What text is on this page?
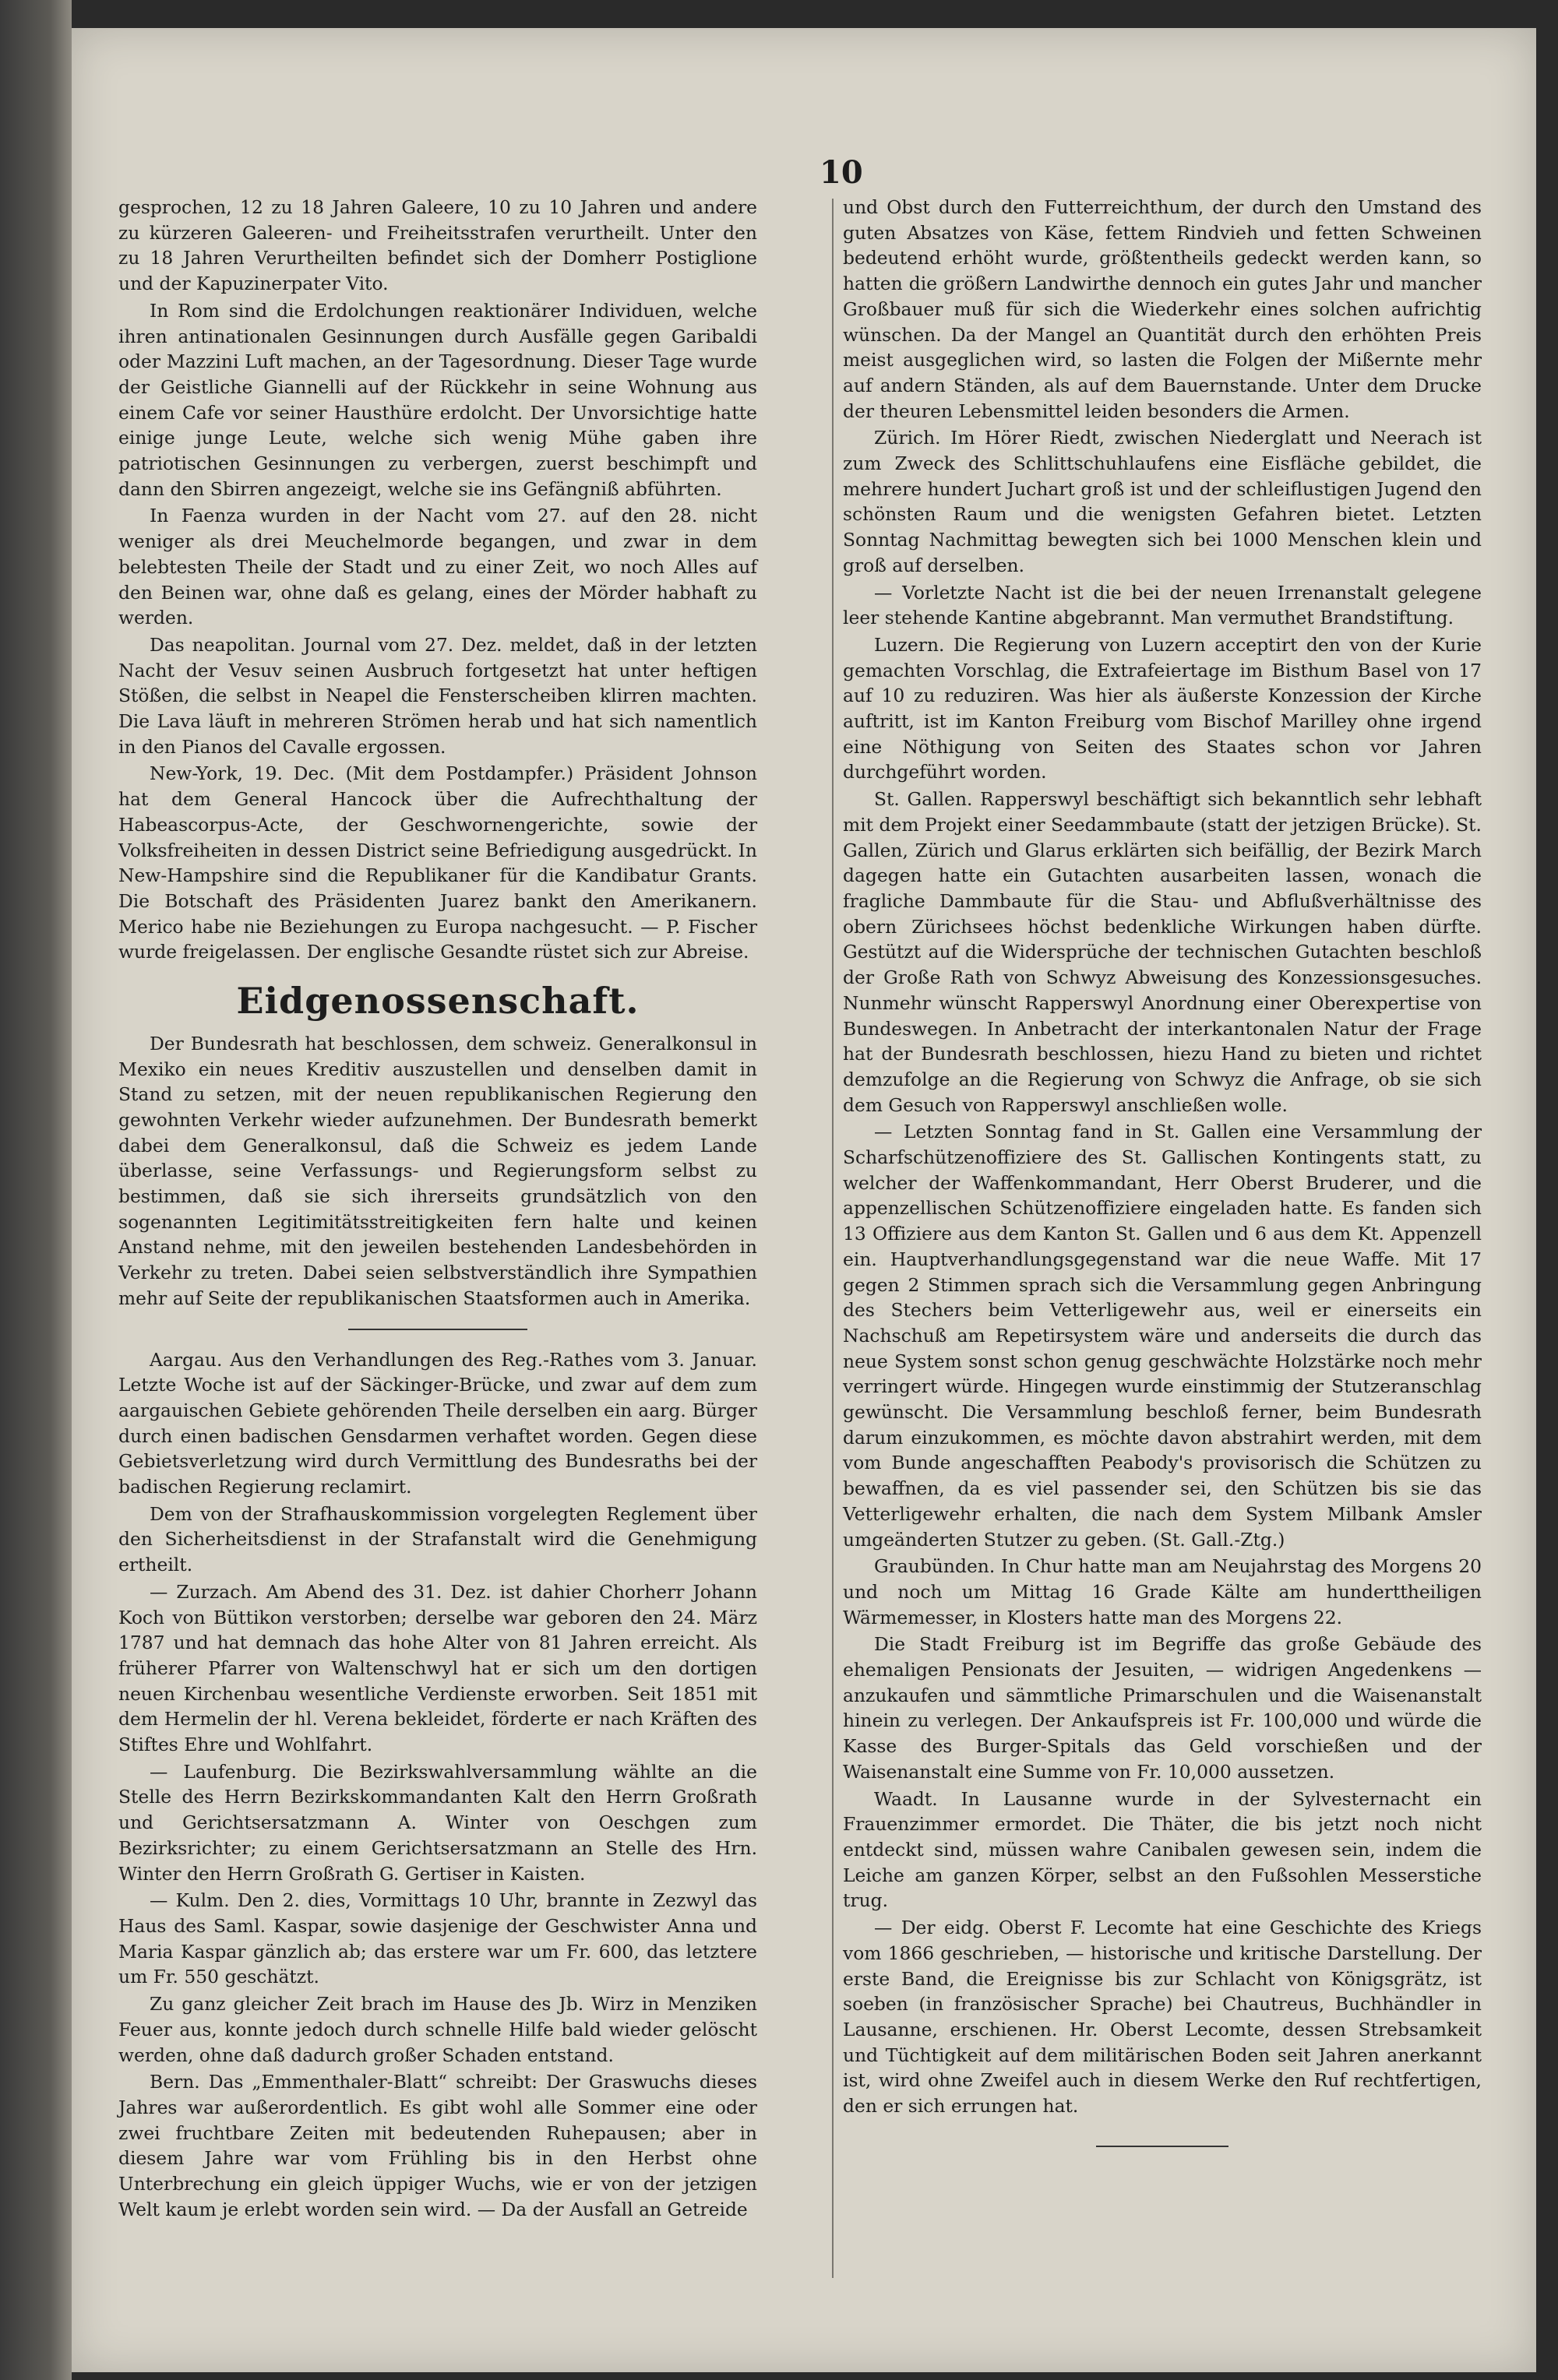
10

gesprochen, 12 zu 18 Jahren Galeere, 10 zu 10 Jahren und andere zu kürzeren Galeeren- und Freiheitsstrafen verurtheilt. Unter den zu 18 Jahren Verurtheilten befindet sich der Domherr Postiglione und der Kapuzinerpater Vito.

In Rom sind die Erdolchungen reaktionärer Individuen, welche ihren antinationalen Gesinnungen durch Ausfälle gegen Garibaldi oder Mazzini Luft machen, an der Tagesordnung. Dieser Tage wurde der Geistliche Giannelli auf der Rückkehr in seine Wohnung aus einem Cafe vor seiner Hausthüre erdolcht. Der Unvorsichtige hatte einige junge Leute, welche sich wenig Mühe gaben ihre patriotischen Gesinnungen zu verbergen, zuerst beschimpft und dann den Sbirren angezeigt, welche sie ins Gefängniß abführten.

In Faenza wurden in der Nacht vom 27. auf den 28. nicht weniger als drei Meuchelmorde begangen, und zwar in dem belebtesten Theile der Stadt und zu einer Zeit, wo noch Alles auf den Beinen war, ohne daß es gelang, eines der Mörder habhaft zu werden.

Das neapolitan. Journal vom 27. Dez. meldet, daß in der letzten Nacht der Vesuv seinen Ausbruch fortgesetzt hat unter heftigen Stößen, die selbst in Neapel die Fensterscheiben klirren machten. Die Lava läuft in mehreren Strömen herab und hat sich namentlich in den Pianos del Cavalle ergossen.

New-York, 19. Dec. (Mit dem Postdampfer.) Präsident Johnson hat dem General Hancock über die Aufrechthaltung der Habeascorpus-Acte, der Geschwornengerichte, sowie der Volksfreiheiten in dessen District seine Befriedigung ausgedrückt. In New-Hampshire sind die Republikaner für die Kandibatur Grants. Die Botschaft des Präsidenten Juarez bankt den Amerikanern. Merico habe nie Beziehungen zu Europa nachgesucht. — P. Fischer wurde freigelassen. Der englische Gesandte rüstet sich zur Abreise.

Eidgenossenschaft.

Der Bundesrath hat beschlossen, dem schweiz. Generalkonsul in Mexiko ein neues Kreditiv auszustellen und denselben damit in Stand zu setzen, mit der neuen republikanischen Regierung den gewohnten Verkehr wieder aufzunehmen. Der Bundesrath bemerkt dabei dem Generalkonsul, daß die Schweiz es jedem Lande überlasse, seine Verfassungs- und Regierungsform selbst zu bestimmen, daß sie sich ihrerseits grundsätzlich von den sogenannten Legitimitätsstreitigkeiten fern halte und keinen Anstand nehme, mit den jeweilen bestehenden Landesbehörden in Verkehr zu treten. Dabei seien selbstverständlich ihre Sympathien mehr auf Seite der republikanischen Staatsformen auch in Amerika.

Aargau. Aus den Verhandlungen des Reg.-Rathes vom 3. Januar. Letzte Woche ist auf der Säckinger-Brücke, und zwar auf dem zum aargauischen Gebiete gehörenden Theile derselben ein aarg. Bürger durch einen badischen Gensdarmen verhaftet worden. Gegen diese Gebietsverletzung wird durch Vermittlung des Bundesraths bei der badischen Regierung reclamirt.

Dem von der Strafhauskommission vorgelegten Reglement über den Sicherheitsdienst in der Strafanstalt wird die Genehmigung ertheilt.

— Zurzach. Am Abend des 31. Dez. ist dahier Chorherr Johann Koch von Büttikon verstorben; derselbe war geboren den 24. März 1787 und hat demnach das hohe Alter von 81 Jahren erreicht. Als früherer Pfarrer von Waltenschwyl hat er sich um den dortigen neuen Kirchenbau wesentliche Verdienste erworben. Seit 1851 mit dem Hermelin der hl. Verena bekleidet, förderte er nach Kräften des Stiftes Ehre und Wohlfahrt.

— Laufenburg. Die Bezirkswahlversammlung wählte an die Stelle des Herrn Bezirkskommandanten Kalt den Herrn Großrath und Gerichtsersatzmann A. Winter von Oeschgen zum Bezirksrichter; zu einem Gerichtsersatzmann an Stelle des Hrn. Winter den Herrn Großrath G. Gertiser in Kaisten.

— Kulm. Den 2. dies, Vormittags 10 Uhr, brannte in Zezwyl das Haus des Saml. Kaspar, sowie dasjenige der Geschwister Anna und Maria Kaspar gänzlich ab; das erstere war um Fr. 600, das letztere um Fr. 550 geschätzt.

Zu ganz gleicher Zeit brach im Hause des Jb. Wirz in Menziken Feuer aus, konnte jedoch durch schnelle Hilfe bald wieder gelöscht werden, ohne daß dadurch großer Schaden entstand.

Bern. Das „Emmenthaler-Blatt“ schreibt: Der Graswuchs dieses Jahres war außerordentlich. Es gibt wohl alle Sommer eine oder zwei fruchtbare Zeiten mit bedeutenden Ruhepausen; aber in diesem Jahre war vom Frühling bis in den Herbst ohne Unterbrechung ein gleich üppiger Wuchs, wie er von der jetzigen Welt kaum je erlebt worden sein wird. — Da der Ausfall an Getreide

und Obst durch den Futterreichthum, der durch den Umstand des guten Absatzes von Käse, fettem Rindvieh und fetten Schweinen bedeutend erhöht wurde, größtentheils gedeckt werden kann, so hatten die größern Landwirthe dennoch ein gutes Jahr und mancher Großbauer muß für sich die Wiederkehr eines solchen aufrichtig wünschen. Da der Mangel an Quantität durch den erhöhten Preis meist ausgeglichen wird, so lasten die Folgen der Mißernte mehr auf andern Ständen, als auf dem Bauernstande. Unter dem Drucke der theuren Lebensmittel leiden besonders die Armen.

Zürich. Im Hörer Riedt, zwischen Niederglatt und Neerach ist zum Zweck des Schlittschuhlaufens eine Eisfläche gebildet, die mehrere hundert Juchart groß ist und der schleiflustigen Jugend den schönsten Raum und die wenigsten Gefahren bietet. Letzten Sonntag Nachmittag bewegten sich bei 1000 Menschen klein und groß auf derselben.

— Vorletzte Nacht ist die bei der neuen Irrenanstalt gelegene leer stehende Kantine abgebrannt. Man vermuthet Brandstiftung.

Luzern. Die Regierung von Luzern acceptirt den von der Kurie gemachten Vorschlag, die Extrafeiertage im Bisthum Basel von 17 auf 10 zu reduziren. Was hier als äußerste Konzession der Kirche auftritt, ist im Kanton Freiburg vom Bischof Marilley ohne irgend eine Nöthigung von Seiten des Staates schon vor Jahren durchgeführt worden.

St. Gallen. Rapperswyl beschäftigt sich bekanntlich sehr lebhaft mit dem Projekt einer Seedammbaute (statt der jetzigen Brücke). St. Gallen, Zürich und Glarus erklärten sich beifällig, der Bezirk March dagegen hatte ein Gutachten ausarbeiten lassen, wonach die fragliche Dammbaute für die Stau- und Abflußverhältnisse des obern Zürichsees höchst bedenkliche Wirkungen haben dürfte. Gestützt auf die Widersprüche der technischen Gutachten beschloß der Große Rath von Schwyz Abweisung des Konzessionsgesuches. Nunmehr wünscht Rapperswyl Anordnung einer Oberexpertise von Bundeswegen. In Anbetracht der interkantonalen Natur der Frage hat der Bundesrath beschlossen, hiezu Hand zu bieten und richtet demzufolge an die Regierung von Schwyz die Anfrage, ob sie sich dem Gesuch von Rapperswyl anschließen wolle.

— Letzten Sonntag fand in St. Gallen eine Versammlung der Scharfschützenoffiziere des St. Gallischen Kontingents statt, zu welcher der Waffenkommandant, Herr Oberst Bruderer, und die appenzellischen Schützenoffiziere eingeladen hatte. Es fanden sich 13 Offiziere aus dem Kanton St. Gallen und 6 aus dem Kt. Appenzell ein. Hauptverhandlungsgegenstand war die neue Waffe. Mit 17 gegen 2 Stimmen sprach sich die Versammlung gegen Anbringung des Stechers beim Vetterligewehr aus, weil er einerseits ein Nachschuß am Repetirsystem wäre und anderseits die durch das neue System sonst schon genug geschwächte Holzstärke noch mehr verringert würde. Hingegen wurde einstimmig der Stutzeranschlag gewünscht. Die Versammlung beschloß ferner, beim Bundesrath darum einzukommen, es möchte davon abstrahirt werden, mit dem vom Bunde angeschafften Peabody's provisorisch die Schützen zu bewaffnen, da es viel passender sei, den Schützen bis sie das Vetterligewehr erhalten, die nach dem System Milbank Amsler umgeänderten Stutzer zu geben. (St. Gall.-Ztg.)

Graubünden. In Chur hatte man am Neujahrstag des Morgens 20 und noch um Mittag 16 Grade Kälte am hunderttheiligen Wärmemesser, in Klosters hatte man des Morgens 22.

Die Stadt Freiburg ist im Begriffe das große Gebäude des ehemaligen Pensionats der Jesuiten, — widrigen Angedenkens — anzukaufen und sämmtliche Primarschulen und die Waisenanstalt hinein zu verlegen. Der Ankaufspreis ist Fr. 100,000 und würde die Kasse des Burger-Spitals das Geld vorschießen und der Waisenanstalt eine Summe von Fr. 10,000 aussetzen.

Waadt. In Lausanne wurde in der Sylvesternacht ein Frauenzimmer ermordet. Die Thäter, die bis jetzt noch nicht entdeckt sind, müssen wahre Canibalen gewesen sein, indem die Leiche am ganzen Körper, selbst an den Fußsohlen Messerstiche trug.

— Der eidg. Oberst F. Lecomte hat eine Geschichte des Kriegs vom 1866 geschrieben, — historische und kritische Darstellung. Der erste Band, die Ereignisse bis zur Schlacht von Königsgrätz, ist soeben (in französischer Sprache) bei Chautreus, Buchhändler in Lausanne, erschienen. Hr. Oberst Lecomte, dessen Strebsamkeit und Tüchtigkeit auf dem militärischen Boden seit Jahren anerkannt ist, wird ohne Zweifel auch in diesem Werke den Ruf rechtfertigen, den er sich errungen hat.
